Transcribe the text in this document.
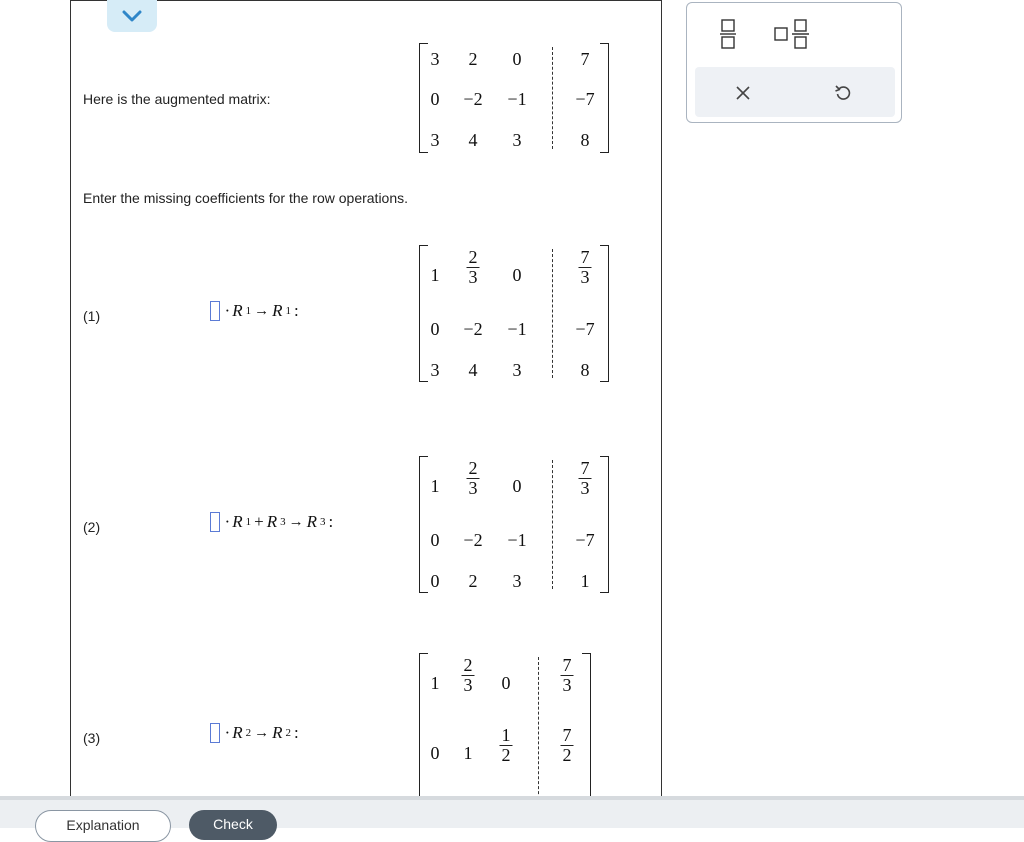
Here is the augmented matrix:
3 2 0	7
0 −2 −1	−7
3 4 3	8
Enter the missing coefficients for the row operations.
(1)	· R 1 → R 1 :
$1 \frac{2}{3} 0$	$\frac{7}{3}$
0 −2 −1	−7
3 4 3	8
(2)	· R 1 + R 3 → R 3 :
$1 \frac{2}{3} 0$	$\frac{7}{3}$
0 −2 −1	−7
0 2 3	1
(3)	· R 2 → R 2 :
$1 \frac{2}{3} 0$	$\frac{7}{3}$
0 $1 \frac{1}{2}$	$\frac{7}{2}$
Explanation	Check
